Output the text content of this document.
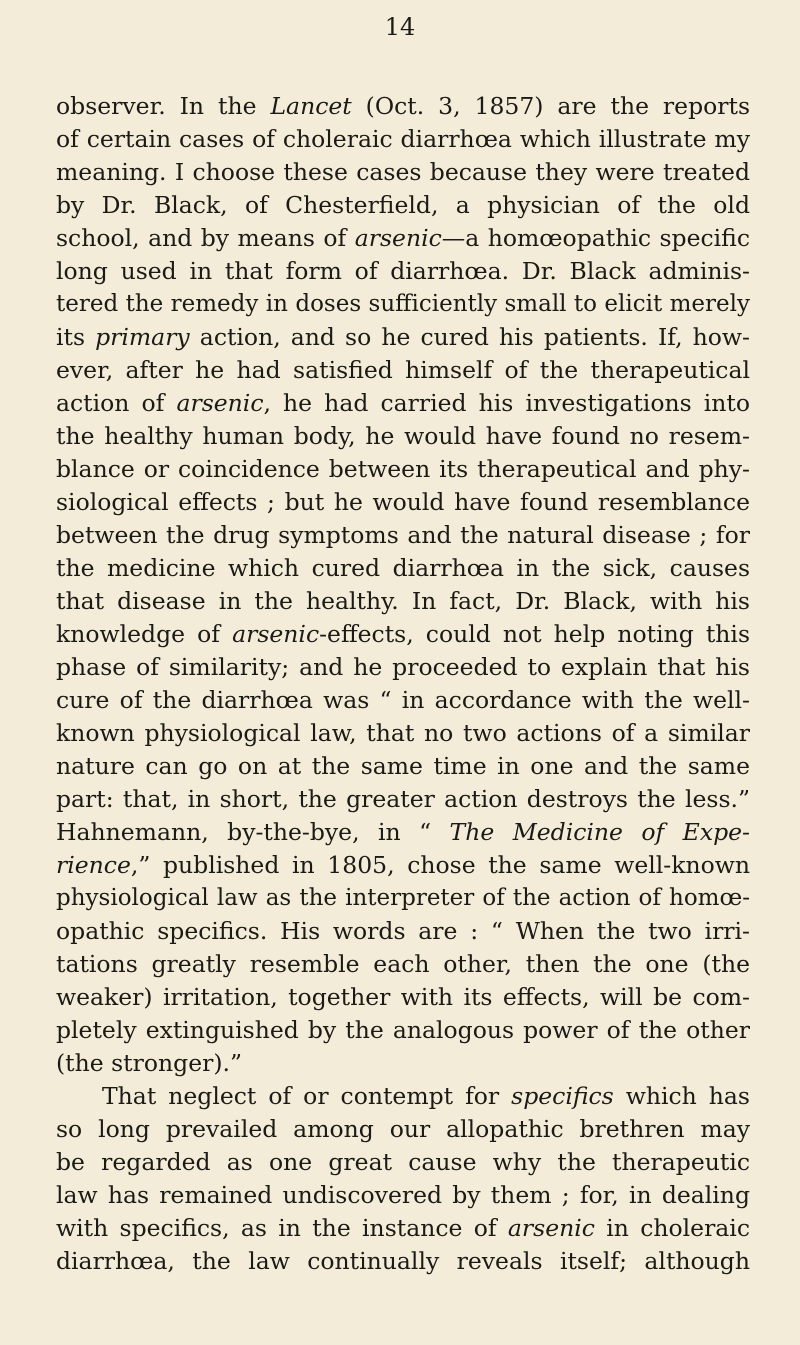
14
observer. In the Lancet (Oct. 3, 1857) are the reports
of certain cases of choleraic diarrhœa which illustrate my
meaning. I choose these cases because they were treated
by Dr. Black, of Chesterfield, a physician of the old
school, and by means of arsenic—a homœopathic specific
long used in that form of diarrhœa. Dr. Black adminis-
tered the remedy in doses sufficiently small to elicit merely
its primary action, and so he cured his patients. If, how-
ever, after he had satisfied himself of the therapeutical
action of arsenic, he had carried his investigations into
the healthy human body, he would have found no resem-
blance or coincidence between its therapeutical and phy-
siological effects ; but he would have found resemblance
between the drug symptoms and the natural disease ; for
the medicine which cured diarrhœa in the sick, causes
that disease in the healthy. In fact, Dr. Black, with his
knowledge of arsenic-effects, could not help noting this
phase of similarity; and he proceeded to explain that his
cure of the diarrhœa was “ in accordance with the well-
known physiological law, that no two actions of a similar
nature can go on at the same time in one and the same
part: that, in short, the greater action destroys the less.”
Hahnemann, by-the-bye, in “ The Medicine of Expe-
rience,” published in 1805, chose the same well-known
physiological law as the interpreter of the action of homœ-
opathic specifics. His words are : “ When the two irri-
tations greatly resemble each other, then the one (the
weaker) irritation, together with its effects, will be com-
pletely extinguished by the analogous power of the other
(the stronger).”
That neglect of or contempt for specifics which has
so long prevailed among our allopathic brethren may
be regarded as one great cause why the therapeutic
law has remained undiscovered by them ; for, in dealing
with specifics, as in the instance of arsenic in choleraic
diarrhœa, the law continually reveals itself; although
